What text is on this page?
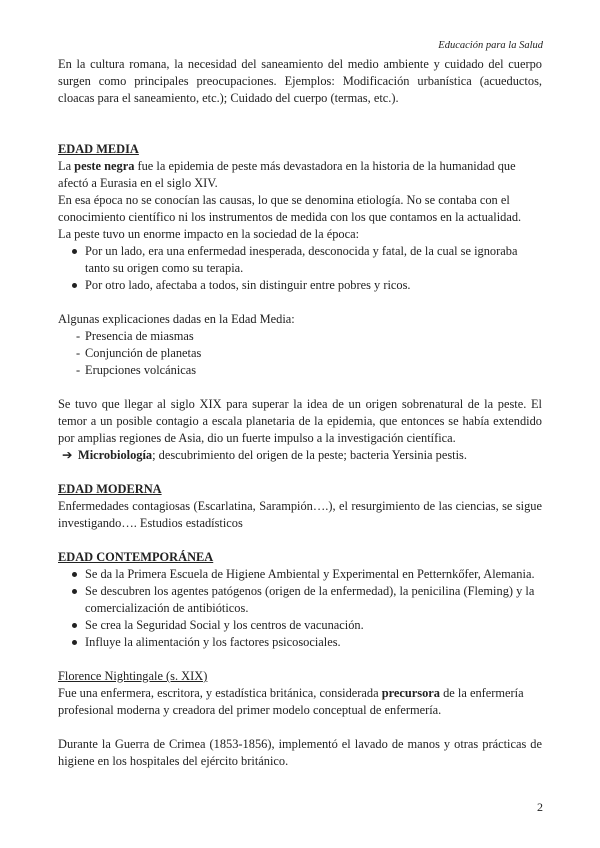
Educación para la Salud

En la cultura romana, la necesidad del saneamiento del medio ambiente y cuidado del cuerpo surgen como principales preocupaciones. Ejemplos: Modificación urbanística (acueductos, cloacas para el saneamiento, etc.); Cuidado del cuerpo (termas, etc.).

EDAD MEDIA

La peste negra fue la epidemia de peste más devastadora en la historia de la humanidad que afectó a Eurasia en el siglo XIV.

En esa época no se conocían las causas, lo que se denomina etiología. No se contaba con el conocimiento científico ni los instrumentos de medida con los que contamos en la actualidad.

La peste tuvo un enorme impacto en la sociedad de la época:

Por un lado, era una enfermedad inesperada, desconocida y fatal, de la cual se ignoraba tanto su origen como su terapia.
Por otro lado, afectaba a todos, sin distinguir entre pobres y ricos.

Algunas explicaciones dadas en la Edad Media:

- Presencia de miasmas
- Conjunción de planetas
- Erupciones volcánicas

Se tuvo que llegar al siglo XIX para superar la idea de un origen sobrenatural de la peste. El temor a un posible contagio a escala planetaria de la epidemia, que entonces se había extendido por amplias regiones de Asia, dio un fuerte impulso a la investigación científica.

➔ Microbiología; descubrimiento del origen de la peste; bacteria Yersinia pestis.

EDAD MODERNA

Enfermedades contagiosas (Escarlatina, Sarampión….), el resurgimiento de las ciencias, se sigue investigando…. Estudios estadísticos

EDAD CONTEMPORÁNEA

Se da la Primera Escuela de Higiene Ambiental y Experimental en Petternkőfer, Alemania.
Se descubren los agentes patógenos (origen de la enfermedad), la penicilina (Fleming) y la comercialización de antibióticos.
Se crea la Seguridad Social y los centros de vacunación.
Influye la alimentación y los factores psicosociales.

Florence Nightingale (s. XIX)

Fue una enfermera, escritora, y estadística británica, considerada precursora de la enfermería profesional moderna y creadora del primer modelo conceptual de enfermería.

Durante la Guerra de Crimea (1853-1856), implementó el lavado de manos y otras prácticas de higiene en los hospitales del ejército británico.

2
